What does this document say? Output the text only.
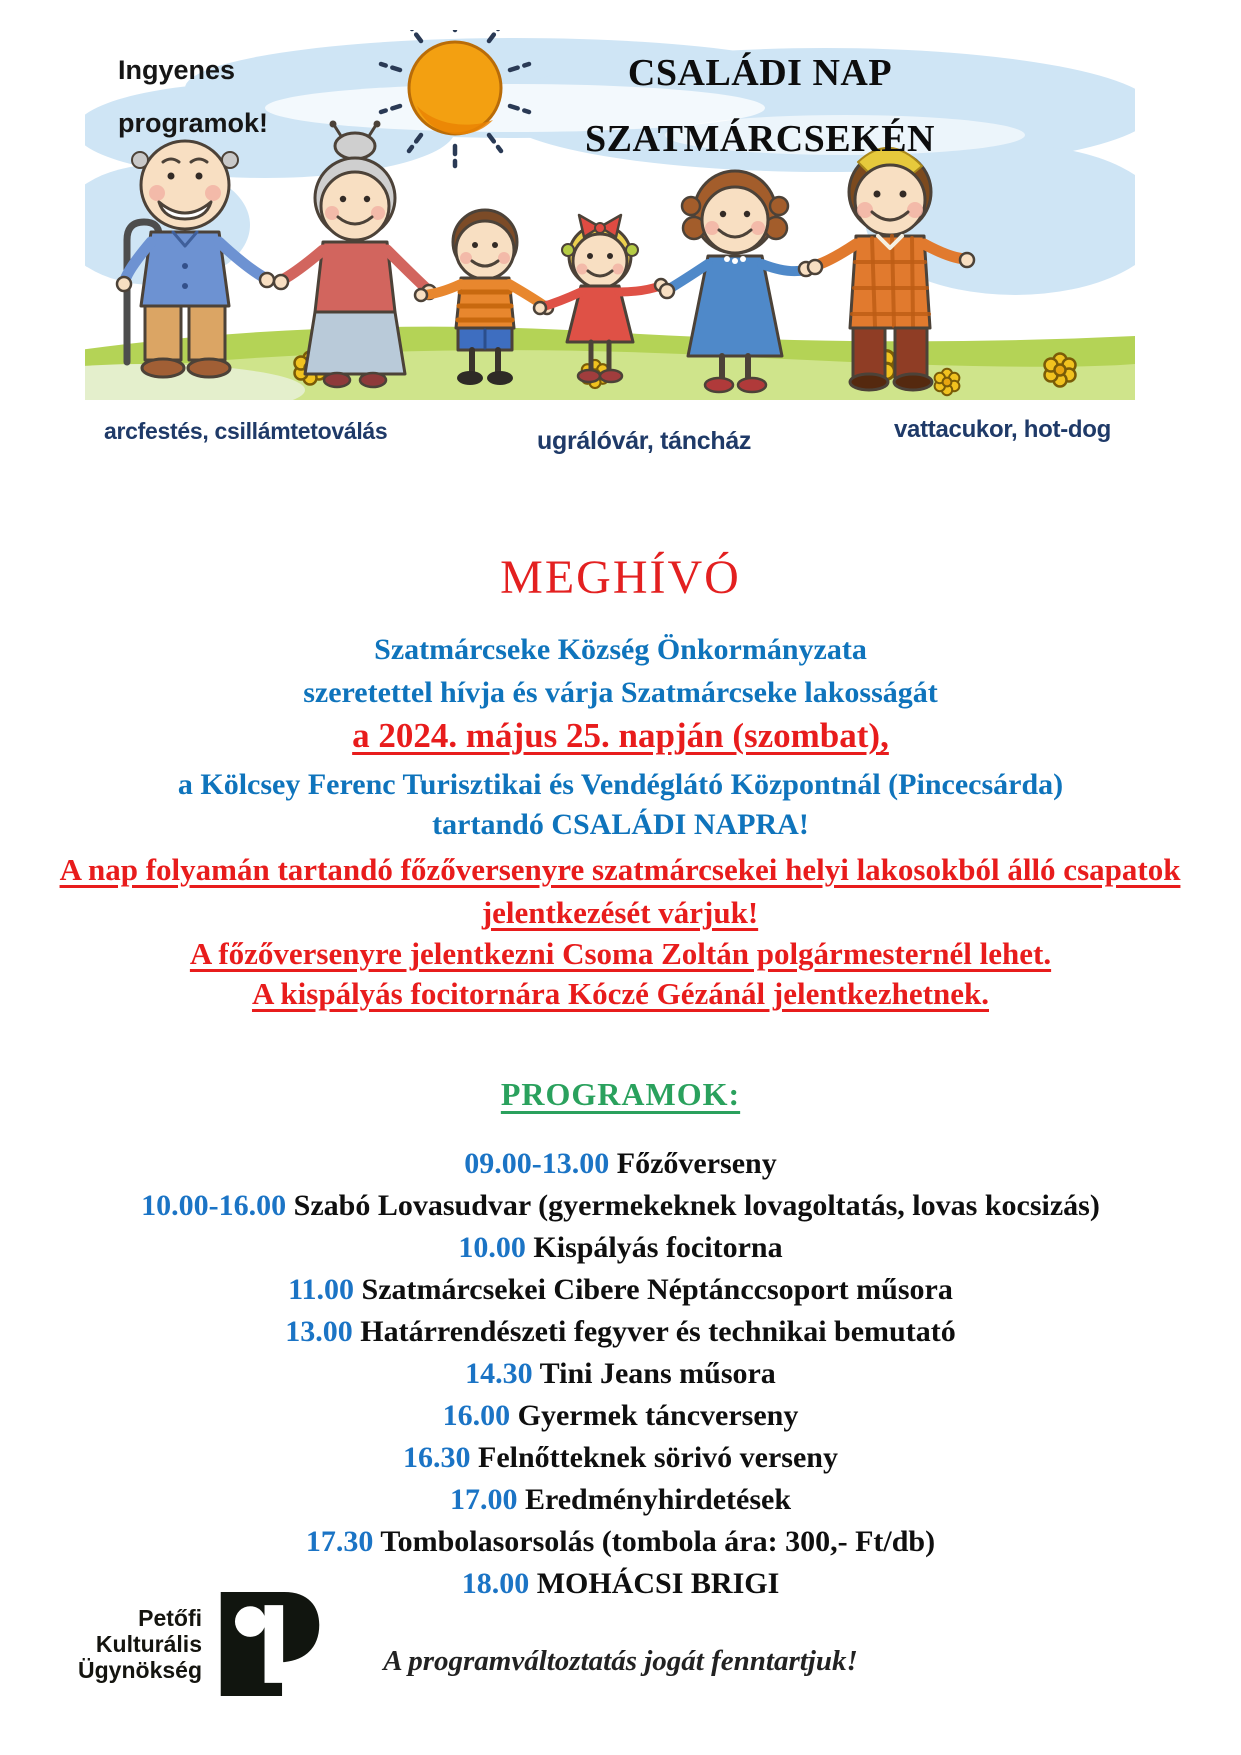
Ingyenes
programok!
CSALÁDI NAP
SZATMÁRCSEKÉN
arcfestés, csillámtetoválás	ugrálóvár, táncház	vattacukor, hot-dog
MEGHÍVÓ
Szatmárcseke Község Önkormányzata
szeretettel hívja és várja Szatmárcseke lakosságát
a 2024. május 25. napján (szombat),
a Kölcsey Ferenc Turisztikai és Vendéglátó Központnál (Pincecsárda)
tartandó CSALÁDI NAPRA!
A nap folyamán tartandó főzőversenyre szatmárcsekei helyi lakosokból álló csapatok jelentkezését várjuk!
A főzőversenyre jelentkezni Csoma Zoltán polgármesternél lehet.
A kispályás focitornára Kóczé Gézánál jelentkezhetnek.
PROGRAMOK:
09.00-13.00 Főzőverseny
10.00-16.00 Szabó Lovasudvar (gyermekeknek lovagoltatás, lovas kocsizás)
10.00 Kispályás focitorna
11.00 Szatmárcsekei Cibere Néptánccsoport műsora
13.00 Határrendészeti fegyver és technikai bemutató
14.30 Tini Jeans műsora
16.00 Gyermek táncverseny
16.30 Felnőtteknek sörivó verseny
17.00 Eredményhirdetések
17.30 Tombolasorsolás (tombola ára: 300,- Ft/db)
18.00 MOHÁCSI BRIGI
Petőfi
Kulturális
Ügynökség	A programváltoztatás jogát fenntartjuk!
